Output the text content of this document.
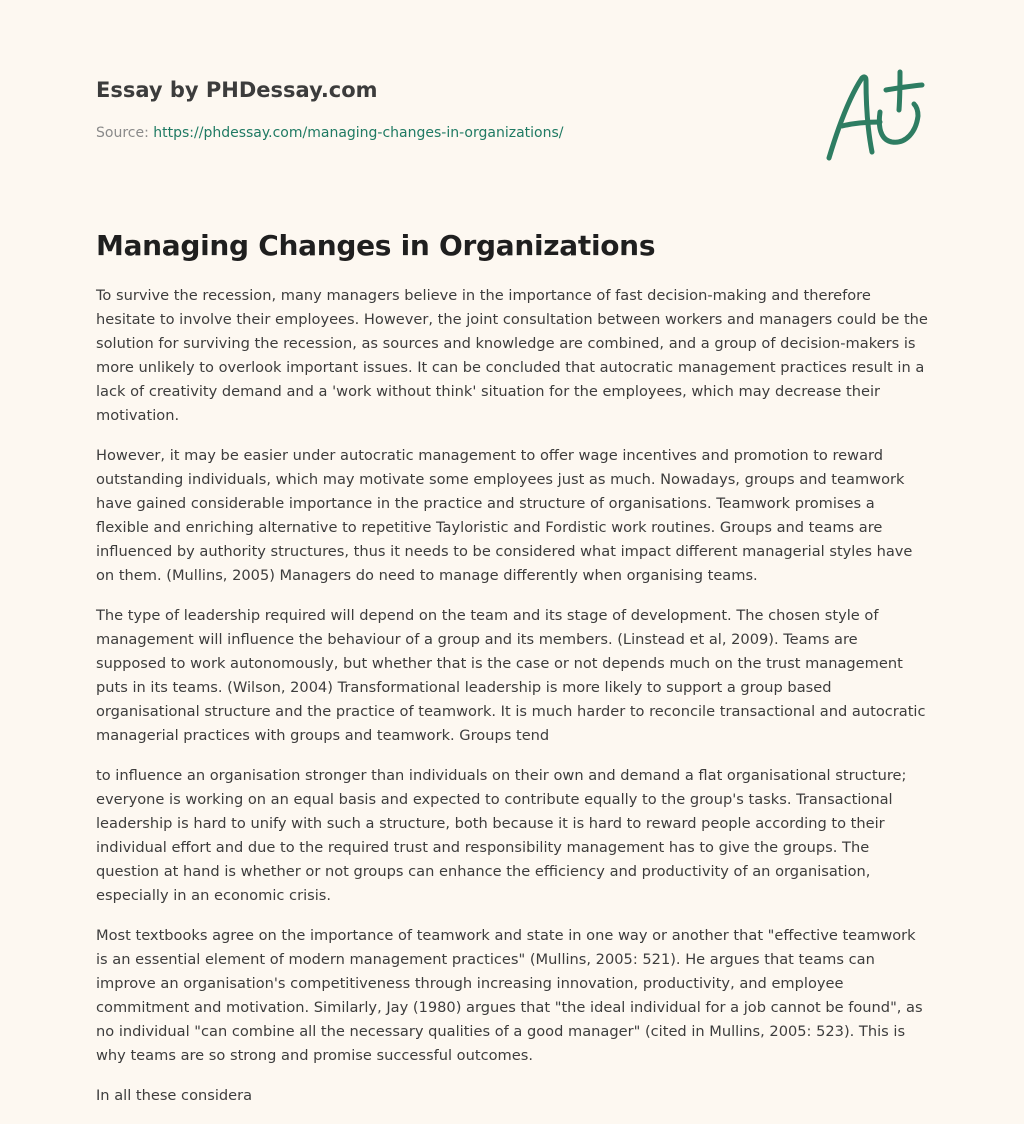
Essay by PHDessay.com
Source: https://phdessay.com/managing-changes-in-organizations/
Managing Changes in Organizations

To survive the recession, many managers believe in the importance of fast decision-making and therefore hesitate to involve their employees. However, the joint consultation between workers and managers could be the solution for surviving the recession, as sources and knowledge are combined, and a group of decision-makers is more unlikely to overlook important issues. It can be concluded that autocratic management practices result in a lack of creativity demand and a 'work without think' situation for the employees, which may decrease their motivation.

However, it may be easier under autocratic management to offer wage incentives and promotion to reward outstanding individuals, which may motivate some employees just as much. Nowadays, groups and teamwork have gained considerable importance in the practice and structure of organisations. Teamwork promises a flexible and enriching alternative to repetitive Tayloristic and Fordistic work routines. Groups and teams are influenced by authority structures, thus it needs to be considered what impact different managerial styles have on them. (Mullins, 2005) Managers do need to manage differently when organising teams.

The type of leadership required will depend on the team and its stage of development. The chosen style of management will influence the behaviour of a group and its members. (Linstead et al, 2009). Teams are supposed to work autonomously, but whether that is the case or not depends much on the trust management puts in its teams. (Wilson, 2004) Transformational leadership is more likely to support a group based organisational structure and the practice of teamwork. It is much harder to reconcile transactional and autocratic managerial practices with groups and teamwork. Groups tend

to influence an organisation stronger than individuals on their own and demand a flat organisational structure; everyone is working on an equal basis and expected to contribute equally to the group's tasks. Transactional leadership is hard to unify with such a structure, both because it is hard to reward people according to their individual effort and due to the required trust and responsibility management has to give the groups. The question at hand is whether or not groups can enhance the efficiency and productivity of an organisation, especially in an economic crisis.

Most textbooks agree on the importance of teamwork and state in one way or another that "effective teamwork is an essential element of modern management practices" (Mullins, 2005: 521). He argues that teams can improve an organisation's competitiveness through increasing innovation, productivity, and employee commitment and motivation. Similarly, Jay (1980) argues that "the ideal individual for a job cannot be found", as no individual "can combine all the necessary qualities of a good manager" (cited in Mullins, 2005: 523). This is why teams are so strong and promise successful outcomes.

In all these considera
